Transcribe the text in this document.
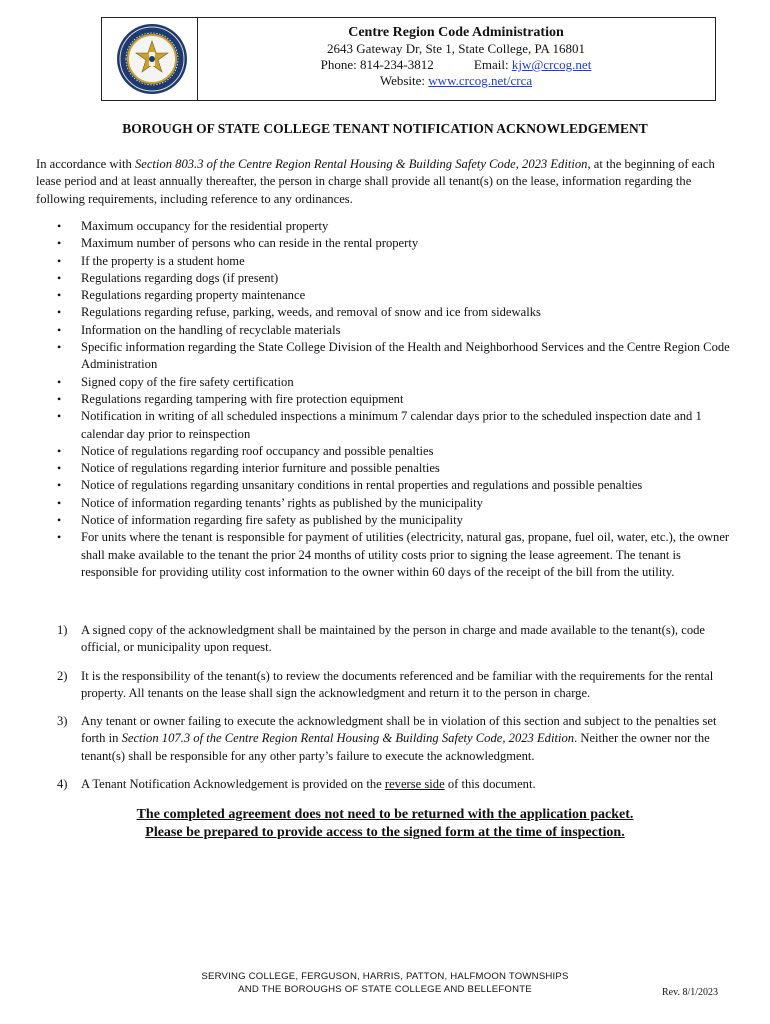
Centre Region Code Administration
2643 Gateway Dr, Ste 1, State College, PA 16801
Phone: 814-234-3812	Email: kjw@crcog.net
Website: www.crcog.net/crca
BOROUGH OF STATE COLLEGE TENANT NOTIFICATION ACKNOWLEDGEMENT

In accordance with Section 803.3 of the Centre Region Rental Housing & Building Safety Code, 2023 Edition, at the beginning of each lease period and at least annually thereafter, the person in charge shall provide all tenant(s) on the lease, information regarding the following requirements, including reference to any ordinances.

• Maximum occupancy for the residential property
• Maximum number of persons who can reside in the rental property
• If the property is a student home
• Regulations regarding dogs (if present)
• Regulations regarding property maintenance
• Regulations regarding refuse, parking, weeds, and removal of snow and ice from sidewalks
• Information on the handling of recyclable materials
• Specific information regarding the State College Division of the Health and Neighborhood Services and the Centre Region Code Administration
• Signed copy of the fire safety certification
• Regulations regarding tampering with fire protection equipment
• Notification in writing of all scheduled inspections a minimum 7 calendar days prior to the scheduled inspection date and 1 calendar day prior to reinspection
• Notice of regulations regarding roof occupancy and possible penalties
• Notice of regulations regarding interior furniture and possible penalties
• Notice of regulations regarding unsanitary conditions in rental properties and regulations and possible penalties
• Notice of information regarding tenants’ rights as published by the municipality
• Notice of information regarding fire safety as published by the municipality
• For units where the tenant is responsible for payment of utilities (electricity, natural gas, propane, fuel oil, water, etc.), the owner shall make available to the tenant the prior 24 months of utility costs prior to signing the lease agreement. The tenant is responsible for providing utility cost information to the owner within 60 days of the receipt of the bill from the utility.
1) A signed copy of the acknowledgment shall be maintained by the person in charge and made available to the tenant(s), code official, or municipality upon request.
2) It is the responsibility of the tenant(s) to review the documents referenced and be familiar with the requirements for the rental property. All tenants on the lease shall sign the acknowledgment and return it to the person in charge.
3) Any tenant or owner failing to execute the acknowledgment shall be in violation of this section and subject to the penalties set forth in Section 107.3 of the Centre Region Rental Housing & Building Safety Code, 2023 Edition. Neither the owner nor the tenant(s) shall be responsible for any other party’s failure to execute the acknowledgment.
4) A Tenant Notification Acknowledgement is provided on the reverse side of this document.
The completed agreement does not need to be returned with the application packet.
Please be prepared to provide access to the signed form at the time of inspection.
SERVING COLLEGE, FERGUSON, HARRIS, PATTON, HALFMOON TOWNSHIPS
AND THE BOROUGHS OF STATE COLLEGE AND BELLEFONTE	Rev. 8/1/2023
